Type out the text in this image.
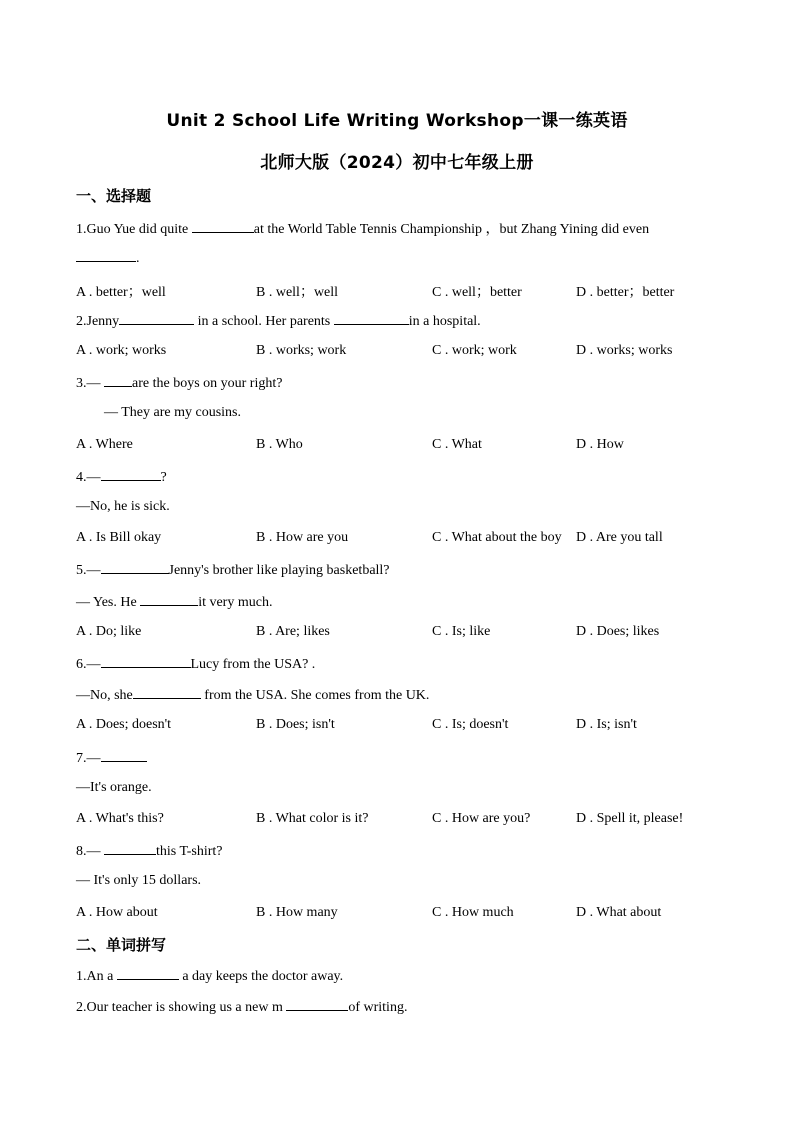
Unit 2 School Life Writing Workshop一课一练英语
北师大版（2024）初中七年级上册
一、选择题
1.Guo Yue did quite	at the World Table Tennis Championship ，but Zhang Yining did even
.
A . better；well	B . well；well	C . well；better	D . better；better
2.Jenny	in a school. Her parents	in a hospital.
A . work; works	B . works; work	C . work; work	D . works; works
3.— are the boys on your right?
— They are my cousins.
A . Where	B . Who	C . What	D . How
4.—	?
—No, he is sick.
A . Is Bill okay	B . How are you	C . What about the boy D . Are you tall
5.—	Jenny's brother like playing basketball?
— Yes. He	it very much.
A . Do; like	B . Are; likes	C . Is; like	D . Does; likes
6.—	Lucy from the USA? .
—No, she	from the USA. She comes from the UK.
A . Does; doesn't	B . Does; isn't	C . Is; doesn't	D . Is; isn't
7.—
—It's orange.
A . What's this?	B . What color is it?	C . How are you?	D . Spell it, please!
8.—	this T-shirt?
— It's only 15 dollars.
A . How about	B . How many	C . How much	D . What about
二、单词拼写
1.An a	a day keeps the doctor away.
2.Our teacher is showing us a new m	of writing.
